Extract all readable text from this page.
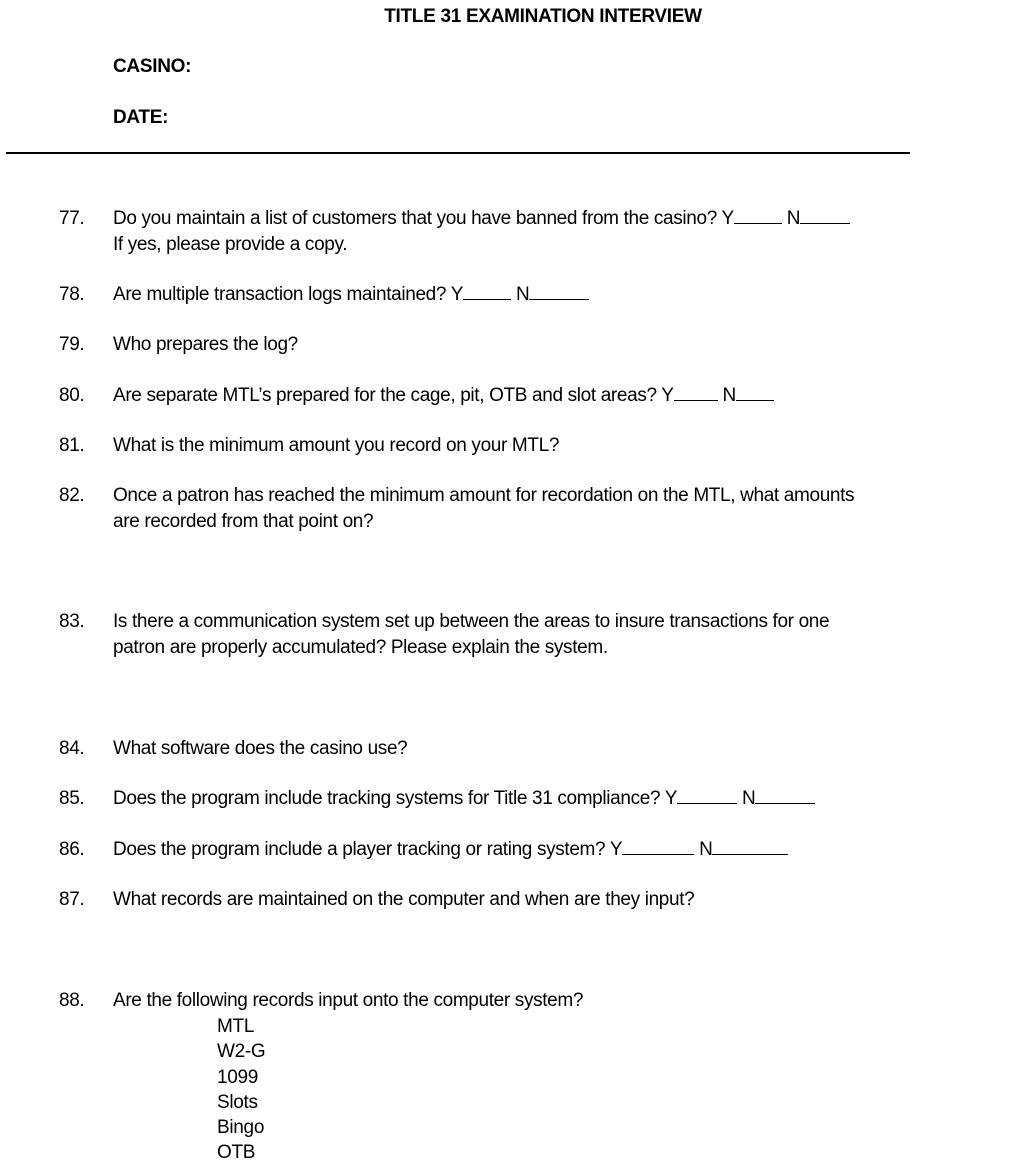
TITLE 31 EXAMINATION INTERVIEW
CASINO:
DATE:
77. Do you maintain a list of customers that you have banned from the casino? Y	N
If yes, please provide a copy.
78. Are multiple transaction logs maintained? Y	N
79. Who prepares the log?
80. Are separate MTL’s prepared for the cage, pit, OTB and slot areas? Y N
81. What is the minimum amount you record on your MTL?
82. Once a patron has reached the minimum amount for recordation on the MTL, what amounts
are recorded from that point on?
83. Is there a communication system set up between the areas to insure transactions for one
patron are properly accumulated? Please explain the system.
84. What software does the casino use?
85. Does the program include tracking systems for Title 31 compliance? Y	N
86. Does the program include a player tracking or rating system? Y	N
87. What records are maintained on the computer and when are they input?
88. Are the following records input onto the computer system?
MTL
W2-G
1099
Slots
Bingo
OTB
